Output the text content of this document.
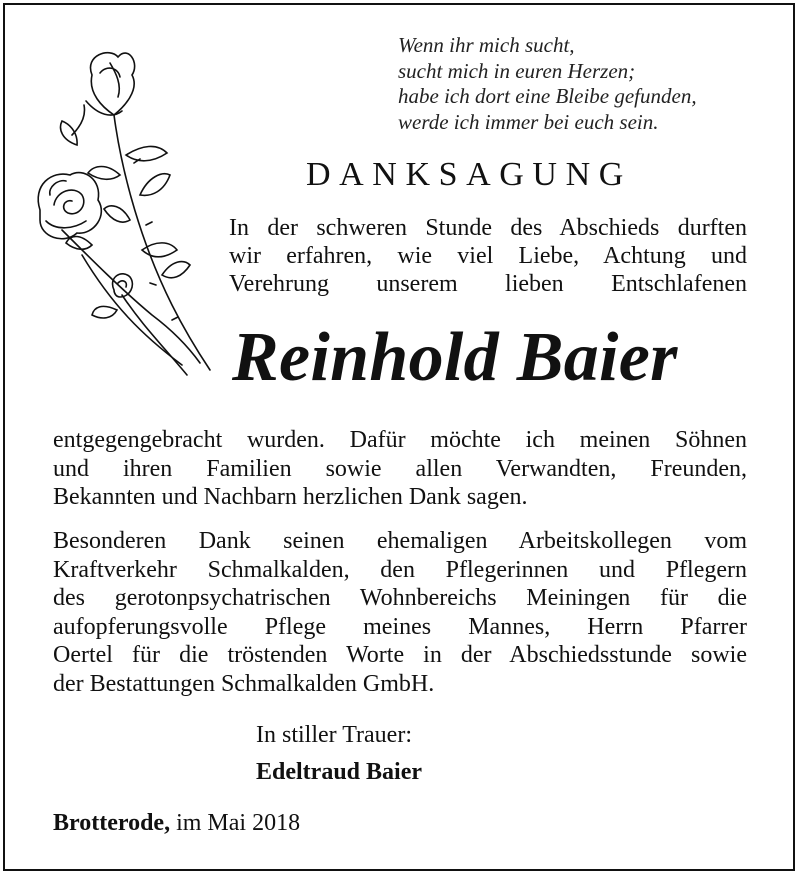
Wenn ihr mich sucht,
sucht mich in euren Herzen;
habe ich dort eine Bleibe gefunden,
werde ich immer bei euch sein.
DANKSAGUNG
In der schweren Stunde des Abschieds durften
wir erfahren, wie viel Liebe, Achtung und
Verehrung unserem lieben Entschlafenen
Reinhold Baier
entgegengebracht wurden. Dafür möchte ich meinen Söhnen
und ihren Familien sowie allen Verwandten, Freunden,
Bekannten und Nachbarn herzlichen Dank sagen.
Besonderen Dank seinen ehemaligen Arbeitskollegen vom
Kraftverkehr Schmalkalden, den Pflegerinnen und Pflegern
des gerotonpsychatrischen Wohnbereichs Meiningen für die
aufopferungsvolle Pflege meines Mannes, Herrn Pfarrer
Oertel für die tröstenden Worte in der Abschiedsstunde sowie
der Bestattungen Schmalkalden GmbH.
In stiller Trauer:
Edeltraud Baier
Brotterode, im Mai 2018
